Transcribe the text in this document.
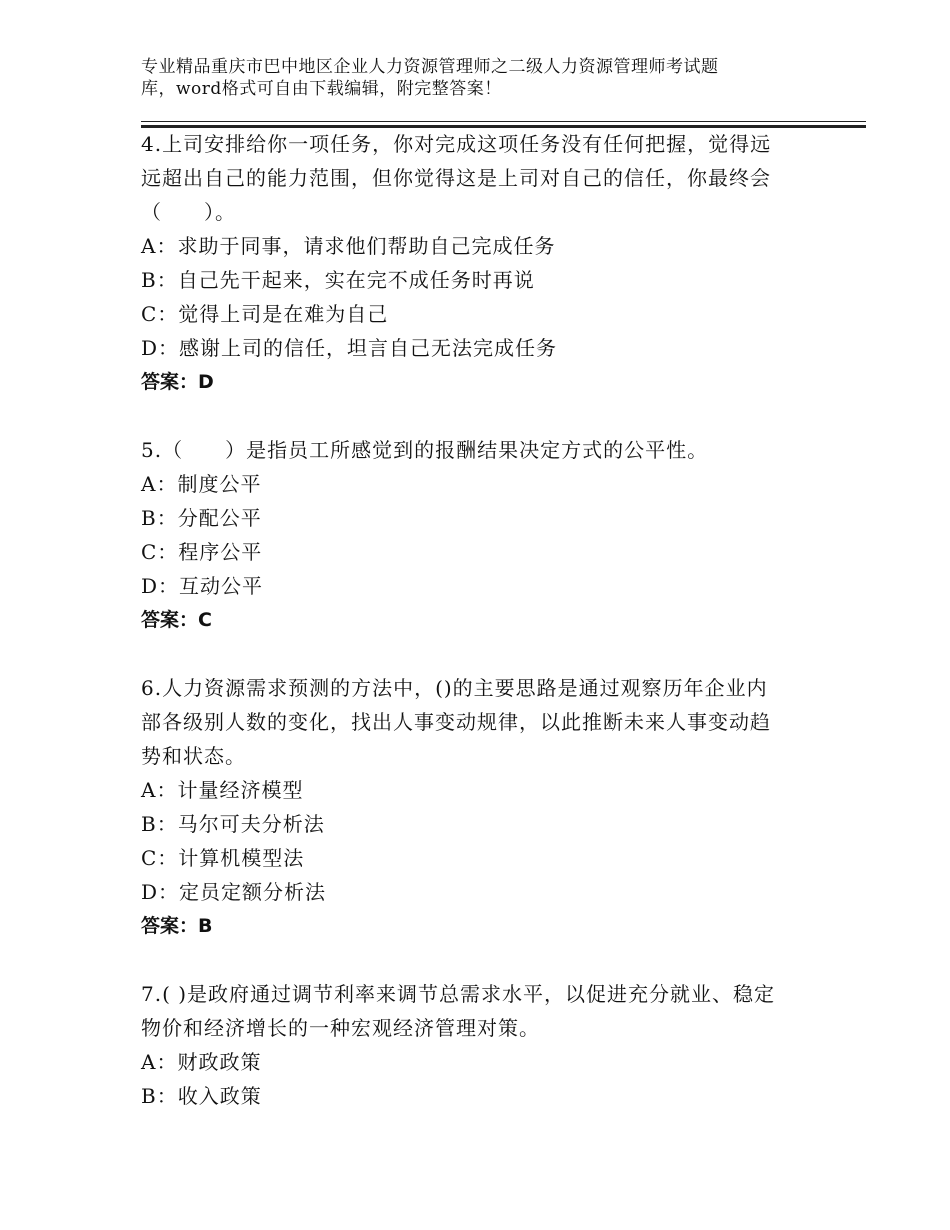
专业精品重庆市巴中地区企业人力资源管理师之二级人力资源管理师考试题
库，word格式可自由下载编辑，附完整答案！
4.上司安排给你一项任务，你对完成这项任务没有任何把握，觉得远
远超出自己的能力范围，但你觉得这是上司对自己的信任，你最终会
（　　）。
A：求助于同事，请求他们帮助自己完成任务
B：自己先干起来，实在完不成任务时再说
C：觉得上司是在难为自己
D：感谢上司的信任，坦言自己无法完成任务
答案：D
5.（　　）是指员工所感觉到的报酬结果决定方式的公平性。
A：制度公平
B：分配公平
C：程序公平
D：互动公平
答案：C
6.人力资源需求预测的方法中，()的主要思路是通过观察历年企业内
部各级别人数的变化，找出人事变动规律，以此推断未来人事变动趋
势和状态。
A：计量经济模型
B：马尔可夫分析法
C：计算机模型法
D：定员定额分析法
答案：B
7.( )是政府通过调节利率来调节总需求水平，以促进充分就业、稳定
物价和经济增长的一种宏观经济管理对策。
A：财政政策
B：收入政策
